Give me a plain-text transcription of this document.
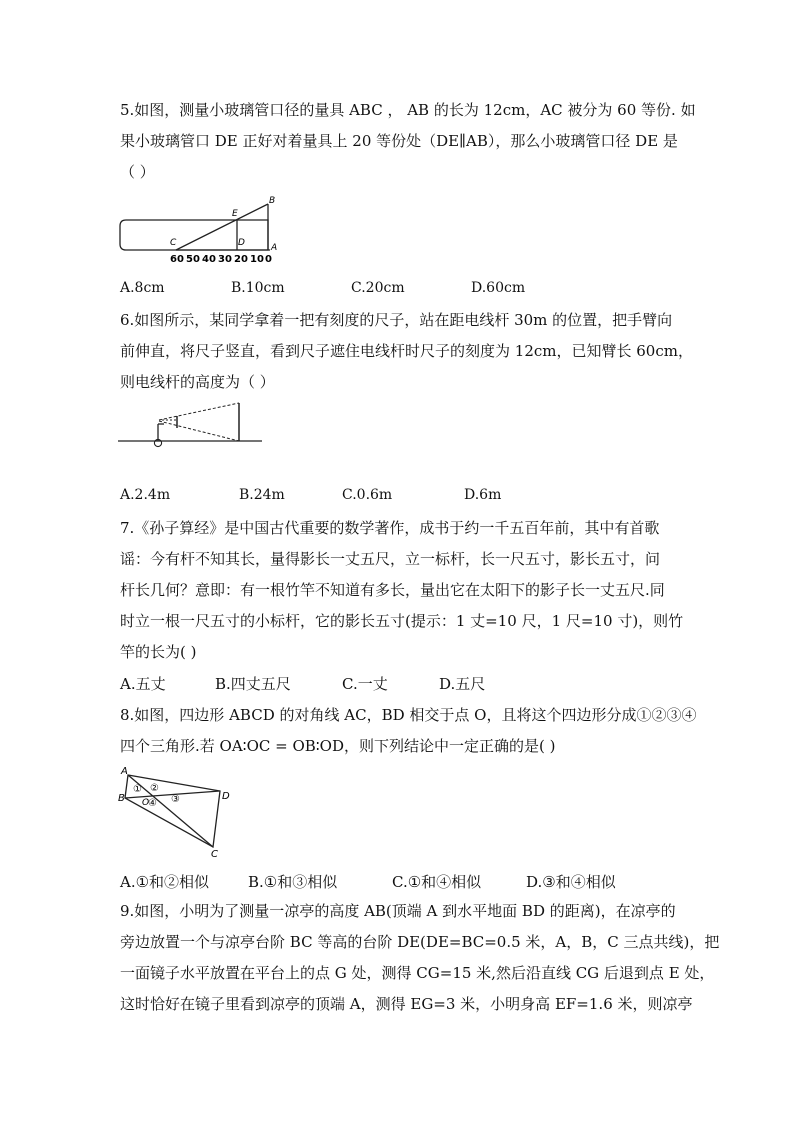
5.如图，测量小玻璃管口径的量具 ABC ， AB 的长为 12cm，AC 被分为 60 等份. 如
果小玻璃管口 DE 正好对着量具上 20 等份处（DE∥AB），那么小玻璃管口径 DE 是
（ ）
B
E
C	D	A
60 50 40 30 20 10 0
A.8cm	B.10cm	C.20cm	D.60cm
6.如图所示，某同学拿着一把有刻度的尺子，站在距电线杆 30m 的位置，把手臂向
前伸直，将尺子竖直，看到尺子遮住电线杆时尺子的刻度为 12cm，已知臂长 60cm，
则电线杆的高度为（ ）
A.2.4m	B.24m	C.0.6m	D.6m
7.《孙子算经》是中国古代重要的数学著作，成书于约一千五百年前，其中有首歌
谣：今有杆不知其长，量得影长一丈五尺，立一标杆，长一尺五寸，影长五寸，问
杆长几何？意即：有一根竹竿不知道有多长，量出它在太阳下的影子长一丈五尺.同
时立一根一尺五寸的小标杆，它的影长五寸(提示：1 丈=10 尺，1 尺=10 寸)，则竹
竿的长为( )
A.五丈	B.四丈五尺	C.一丈	D.五尺
8.如图，四边形 ABCD 的对角线 AC，BD 相交于点 O，且将这个四边形分成①②③④
四个三角形.若 OA∶OC = OB∶OD，则下列结论中一定正确的是( )
A
B O
C
D
① ②
③
④
A.①和②相似	B.①和③相似	C.①和④相似	D.③和④相似
9.如图，小明为了测量一凉亭的高度 AB(顶端 A 到水平地面 BD 的距离)，在凉亭的
旁边放置一个与凉亭台阶 BC 等高的台阶 DE(DE=BC=0.5 米，A，B，C 三点共线)，把
一面镜子水平放置在平台上的点 G 处，测得 CG=15 米,然后沿直线 CG 后退到点 E 处，
这时恰好在镜子里看到凉亭的顶端 A，测得 EG=3 米，小明身高 EF=1.6 米，则凉亭
